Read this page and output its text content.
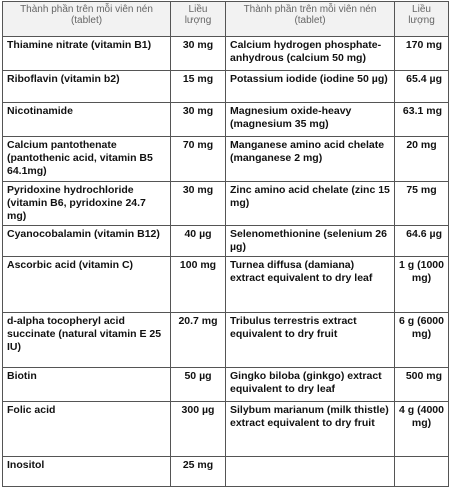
Thành phần trên mỗi viên nén (tablet)	Liều lượng	Thành phần trên mỗi viên nén (tablet)	Liều lượng
Thiamine nitrate (vitamin B1)	30 mg	Calcium hydrogen phosphate-anhydrous (calcium 50 mg)	170 mg
Riboflavin (vitamin b2)	15 mg	Potassium iodide (iodine 50 µg)	65.4 µg
Nicotinamide	30 mg	Magnesium oxide-heavy (magnesium 35 mg)	63.1 mg
Calcium pantothenate (pantothenic acid, vitamin B5 64.1mg)	70 mg	Manganese amino acid chelate (manganese 2 mg)	20 mg
Pyridoxine hydrochloride (vitamin B6, pyridoxine 24.7 mg)	30 mg	Zinc amino acid chelate (zinc 15 mg)	75 mg
Cyanocobalamin (vitamin B12)	40 µg	Selenomethionine (selenium 26 µg)	64.6 µg
Ascorbic acid (vitamin C)	100 mg	Turnea diffusa (damiana) extract equivalent to dry leaf	1 g (1000 mg)
d-alpha tocopheryl acid succinate (natural vitamin E 25 IU)	20.7 mg	Tribulus terrestris extract equivalent to dry fruit	6 g (6000 mg)
Biotin	50 µg	Gingko biloba (ginkgo) extract equivalent to dry leaf	500 mg
Folic acid	300 µg	Silybum marianum (milk thistle) extract equivalent to dry fruit	4 g (4000 mg)
Inositol	25 mg		
